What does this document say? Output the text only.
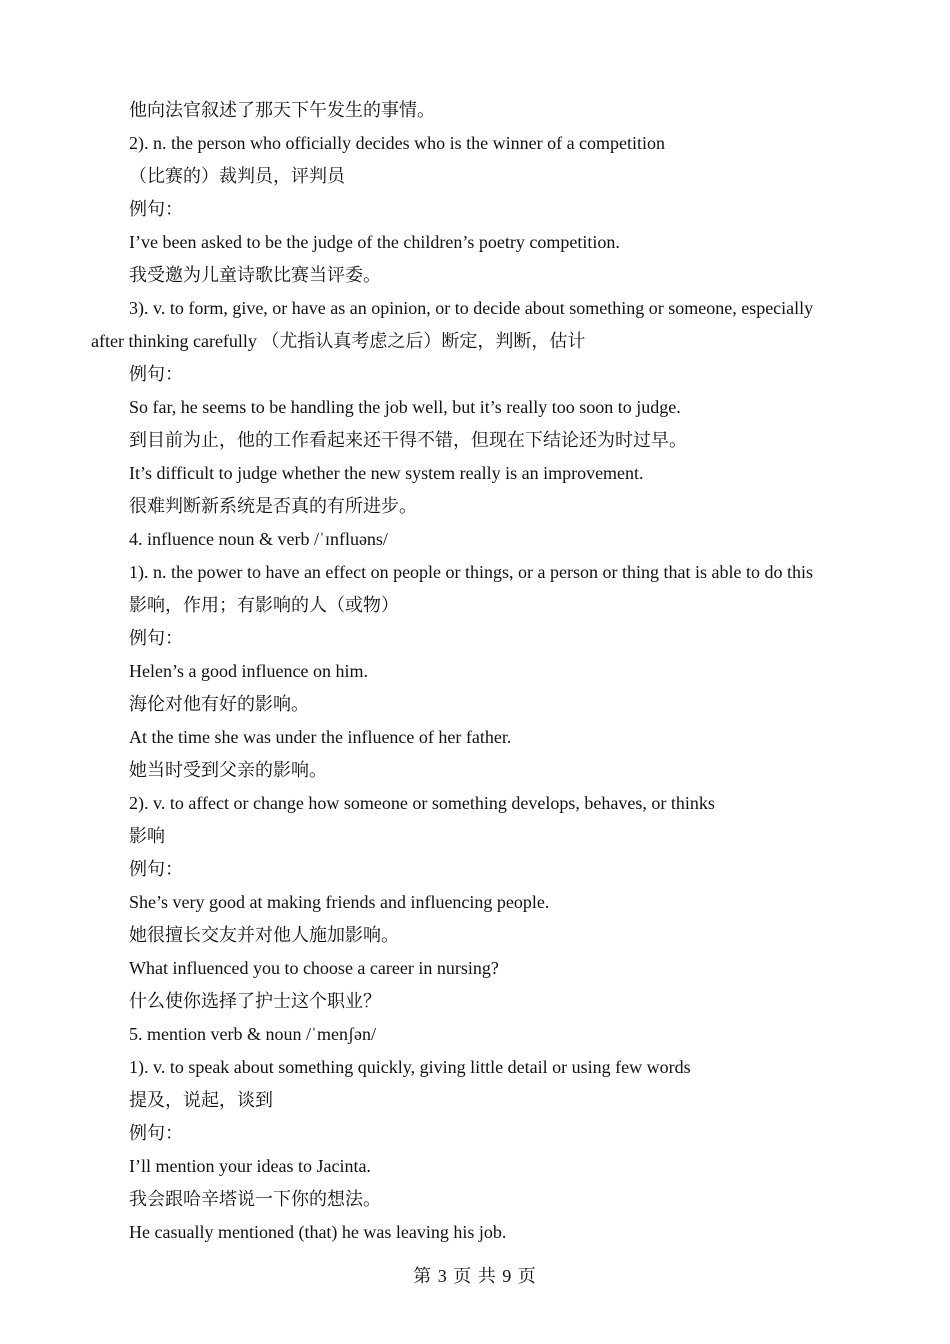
他向法官叙述了那天下午发生的事情。
2). n. the person who officially decides who is the winner of a competition
（比赛的）裁判员，评判员
例句：
I’ve been asked to be the judge of the children’s poetry competition.
我受邀为儿童诗歌比赛当评委。
3). v. to form, give, or have as an opinion, or to decide about something or someone, especially
after thinking carefully （尤指认真考虑之后）断定，判断，估计
例句：
So far, he seems to be handling the job well, but it’s really too soon to judge.
到目前为止，他的工作看起来还干得不错，但现在下结论还为时过早。
It’s difficult to judge whether the new system really is an improvement.
很难判断新系统是否真的有所进步。
4. influence noun & verb /ˈɪnfluəns/
1). n. the power to have an effect on people or things, or a person or thing that is able to do this
影响，作用；有影响的人（或物）
例句：
Helen’s a good influence on him.
海伦对他有好的影响。
At the time she was under the influence of her father.
她当时受到父亲的影响。
2). v. to affect or change how someone or something develops, behaves, or thinks
影响
例句：
She’s very good at making friends and influencing people.
她很擅长交友并对他人施加影响。
What influenced you to choose a career in nursing?
什么使你选择了护士这个职业？
5. mention verb & noun /ˈmenʃən/
1). v. to speak about something quickly, giving little detail or using few words
提及，说起，谈到
例句：
I’ll mention your ideas to Jacinta.
我会跟哈辛塔说一下你的想法。
He casually mentioned (that) he was leaving his job.
第 3 页 共 9 页
